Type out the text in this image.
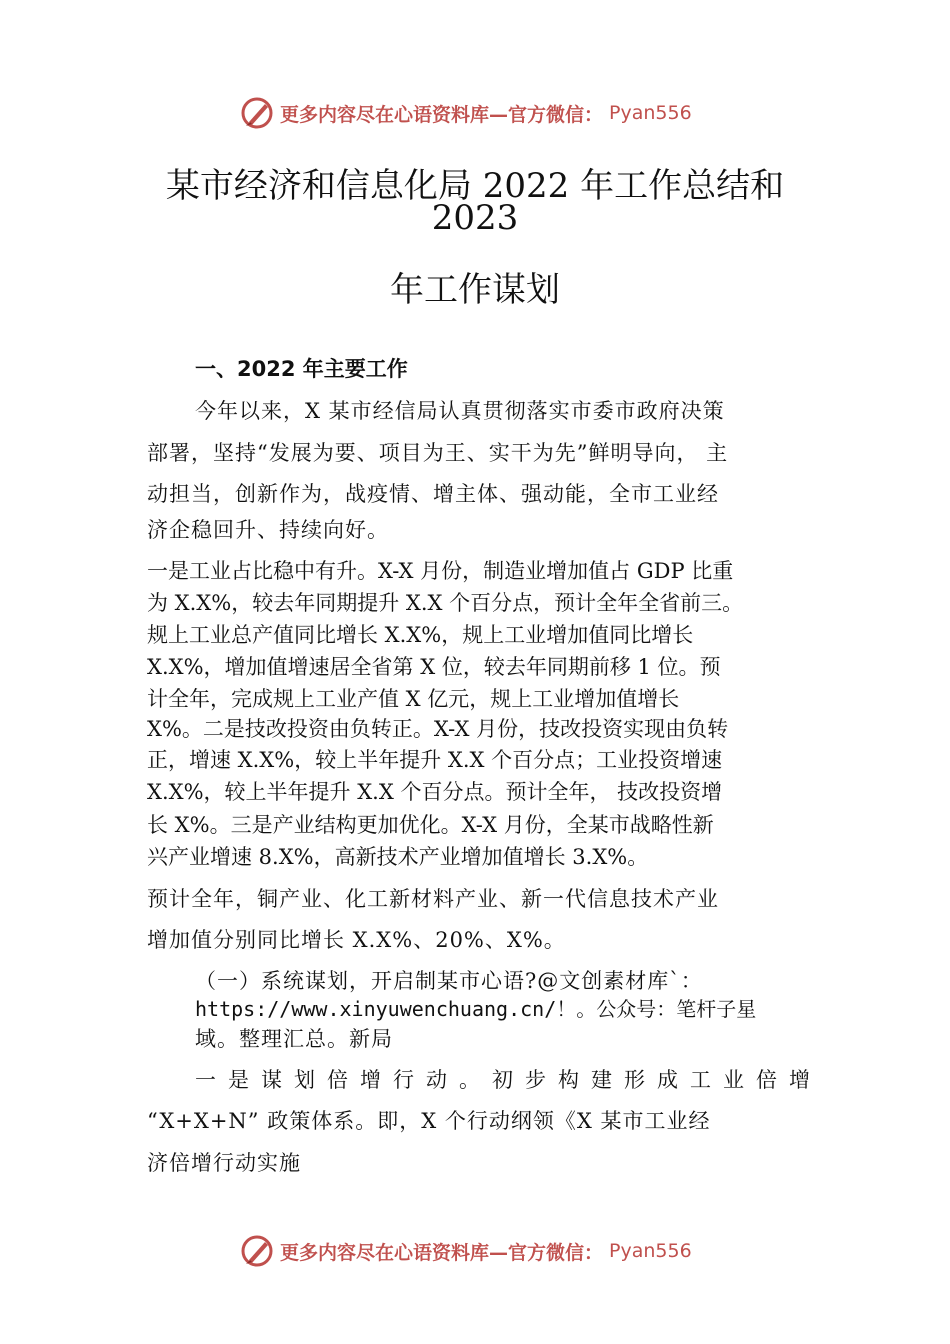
更多内容尽在心语资料库—官方微信： Pyan556
某市经济和信息化局 2022 年工作总结和
2023
年工作谋划
一、2022 年主要工作
今年以来，X 某市经信局认真贯彻落实市委市政府决策
部署，坚持“发展为要、项目为王、实干为先”鲜明导向， 主
动担当，创新作为，战疫情、增主体、强动能，全市工业经
济企稳回升、持续向好。
一是工业占比稳中有升。X-X 月份，制造业增加值占 GDP 比重
为 X.X%，较去年同期提升 X.X 个百分点，预计全年全省前三。
规上工业总产值同比增长 X.X%，规上工业增加值同比增长
X.X%，增加值增速居全省第 X 位，较去年同期前移 1 位。预
计全年，完成规上工业产值 X 亿元，规上工业增加值增长
X%。二是技改投资由负转正。X-X 月份，技改投资实现由负转
正，增速 X.X%，较上半年提升 X.X 个百分点；工业投资增速
X.X%，较上半年提升 X.X 个百分点。预计全年， 技改投资增
长 X%。三是产业结构更加优化。X-X 月份，全某市战略性新
兴产业增速 8.X%，高新技术产业增加值增长 3.X%。
预计全年，铜产业、化工新材料产业、新一代信息技术产业
增加值分别同比增长 X.X%、20%、X%。
（一）系统谋划，开启制某市心语?@文创素材库`：
https://www.xinyuwenchuang.cn/！。公众号：笔杆子星
域。整理汇总。新局
一是谋划倍增行动。初步构建形成工业倍增
“X+X+N” 政策体系。即，X 个行动纲领《X 某市工业经
济倍增行动实施
更多内容尽在心语资料库—官方微信： Pyan556
